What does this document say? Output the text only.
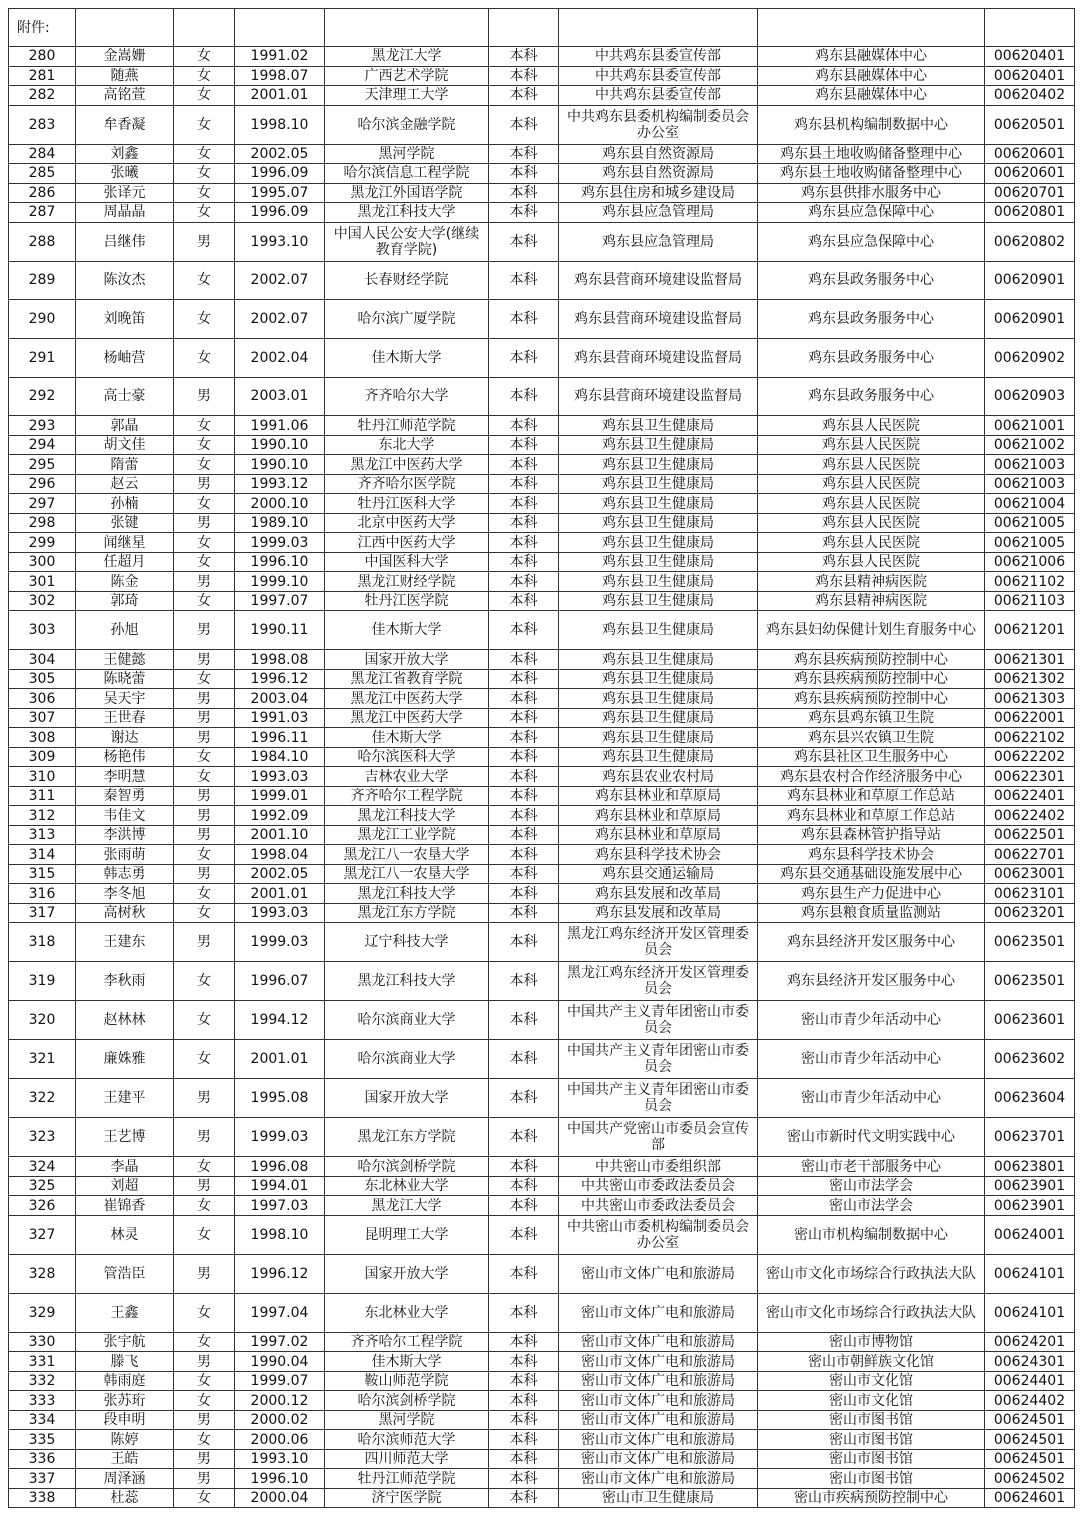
附件:								
280	金嵩姗	女	1991.02	黑龙江大学	本科	中共鸡东县委宣传部	鸡东县融媒体中心	00620401
281	随燕	女	1998.07	广西艺术学院	本科	中共鸡东县委宣传部	鸡东县融媒体中心	00620401
282	高铭萱	女	2001.01	天津理工大学	本科	中共鸡东县委宣传部	鸡东县融媒体中心	00620402
283	牟香凝	女	1998.10	哈尔滨金融学院	本科	中共鸡东县委机构编制委员会办公室	鸡东县机构编制数据中心	00620501
284	刘鑫	女	2002.05	黑河学院	本科	鸡东县自然资源局	鸡东县土地收购储备整理中心	00620601
285	张曦	女	1996.09	哈尔滨信息工程学院	本科	鸡东县自然资源局	鸡东县土地收购储备整理中心	00620601
286	张译元	女	1995.07	黑龙江外国语学院	本科	鸡东县住房和城乡建设局	鸡东县供排水服务中心	00620701
287	周晶晶	女	1996.09	黑龙江科技大学	本科	鸡东县应急管理局	鸡东县应急保障中心	00620801
288	吕继伟	男	1993.10	中国人民公安大学(继续教育学院)	本科	鸡东县应急管理局	鸡东县应急保障中心	00620802
289	陈汝杰	女	2002.07	长春财经学院	本科	鸡东县营商环境建设监督局	鸡东县政务服务中心	00620901
290	刘晚笛	女	2002.07	哈尔滨广厦学院	本科	鸡东县营商环境建设监督局	鸡东县政务服务中心	00620901
291	杨岫营	女	2002.04	佳木斯大学	本科	鸡东县营商环境建设监督局	鸡东县政务服务中心	00620902
292	高士豪	男	2003.01	齐齐哈尔大学	本科	鸡东县营商环境建设监督局	鸡东县政务服务中心	00620903
293	郭晶	女	1991.06	牡丹江师范学院	本科	鸡东县卫生健康局	鸡东县人民医院	00621001
294	胡文佳	女	1990.10	东北大学	本科	鸡东县卫生健康局	鸡东县人民医院	00621002
295	隋蕾	女	1990.10	黑龙江中医药大学	本科	鸡东县卫生健康局	鸡东县人民医院	00621003
296	赵云	男	1993.12	齐齐哈尔医学院	本科	鸡东县卫生健康局	鸡东县人民医院	00621003
297	孙楠	女	2000.10	牡丹江医科大学	本科	鸡东县卫生健康局	鸡东县人民医院	00621004
298	张键	男	1989.10	北京中医药大学	本科	鸡东县卫生健康局	鸡东县人民医院	00621005
299	闻继星	女	1999.03	江西中医药大学	本科	鸡东县卫生健康局	鸡东县人民医院	00621005
300	任超月	女	1996.10	中国医科大学	本科	鸡东县卫生健康局	鸡东县人民医院	00621006
301	陈金	男	1999.10	黑龙江财经学院	本科	鸡东县卫生健康局	鸡东县精神病医院	00621102
302	郭琦	女	1997.07	牡丹江医学院	本科	鸡东县卫生健康局	鸡东县精神病医院	00621103
303	孙旭	男	1990.11	佳木斯大学	本科	鸡东县卫生健康局	鸡东县妇幼保健计划生育服务中心	00621201
304	王健懿	男	1998.08	国家开放大学	本科	鸡东县卫生健康局	鸡东县疾病预防控制中心	00621301
305	陈晓蕾	女	1996.12	黑龙江省教育学院	本科	鸡东县卫生健康局	鸡东县疾病预防控制中心	00621302
306	吴天宇	男	2003.04	黑龙江中医药大学	本科	鸡东县卫生健康局	鸡东县疾病预防控制中心	00621303
307	王世春	男	1991.03	黑龙江中医药大学	本科	鸡东县卫生健康局	鸡东县鸡东镇卫生院	00622001
308	谢达	男	1996.11	佳木斯大学	本科	鸡东县卫生健康局	鸡东县兴农镇卫生院	00622102
309	杨艳伟	女	1984.10	哈尔滨医科大学	本科	鸡东县卫生健康局	鸡东县社区卫生服务中心	00622202
310	李明慧	女	1993.03	吉林农业大学	本科	鸡东县农业农村局	鸡东县农村合作经济服务中心	00622301
311	秦智勇	男	1999.01	齐齐哈尔工程学院	本科	鸡东县林业和草原局	鸡东县林业和草原工作总站	00622401
312	韦佳文	男	1992.09	黑龙江科技大学	本科	鸡东县林业和草原局	鸡东县林业和草原工作总站	00622402
313	李洪博	男	2001.10	黑龙江工业学院	本科	鸡东县林业和草原局	鸡东县森林管护指导站	00622501
314	张雨萌	女	1998.04	黑龙江八一农垦大学	本科	鸡东县科学技术协会	鸡东县科学技术协会	00622701
315	韩志勇	男	2002.05	黑龙江八一农垦大学	本科	鸡东县交通运输局	鸡东县交通基础设施发展中心	00623001
316	李冬旭	女	2001.01	黑龙江科技大学	本科	鸡东县发展和改革局	鸡东县生产力促进中心	00623101
317	高树秋	女	1993.03	黑龙江东方学院	本科	鸡东县发展和改革局	鸡东县粮食质量监测站	00623201
318	王建东	男	1999.03	辽宁科技大学	本科	黑龙江鸡东经济开发区管理委员会	鸡东县经济开发区服务中心	00623501
319	李秋雨	女	1996.07	黑龙江科技大学	本科	黑龙江鸡东经济开发区管理委员会	鸡东县经济开发区服务中心	00623501
320	赵林林	女	1994.12	哈尔滨商业大学	本科	中国共产主义青年团密山市委员会	密山市青少年活动中心	00623601
321	廉姝雅	女	2001.01	哈尔滨商业大学	本科	中国共产主义青年团密山市委员会	密山市青少年活动中心	00623602
322	王建平	男	1995.08	国家开放大学	本科	中国共产主义青年团密山市委员会	密山市青少年活动中心	00623604
323	王艺博	男	1999.03	黑龙江东方学院	本科	中国共产党密山市委员会宣传部	密山市新时代文明实践中心	00623701
324	李晶	女	1996.08	哈尔滨剑桥学院	本科	中共密山市委组织部	密山市老干部服务中心	00623801
325	刘超	男	1994.01	东北林业大学	本科	中共密山市委政法委员会	密山市法学会	00623901
326	崔锦香	女	1997.03	黑龙江大学	本科	中共密山市委政法委员会	密山市法学会	00623901
327	林灵	女	1998.10	昆明理工大学	本科	中共密山市委机构编制委员会办公室	密山市机构编制数据中心	00624001
328	管浩臣	男	1996.12	国家开放大学	本科	密山市文体广电和旅游局	密山市文化市场综合行政执法大队	00624101
329	王鑫	女	1997.04	东北林业大学	本科	密山市文体广电和旅游局	密山市文化市场综合行政执法大队	00624101
330	张宇航	女	1997.02	齐齐哈尔工程学院	本科	密山市文体广电和旅游局	密山市博物馆	00624201
331	滕飞	男	1990.04	佳木斯大学	本科	密山市文体广电和旅游局	密山市朝鲜族文化馆	00624301
332	韩雨庭	女	1999.07	鞍山师范学院	本科	密山市文体广电和旅游局	密山市文化馆	00624401
333	张苏珩	女	2000.12	哈尔滨剑桥学院	本科	密山市文体广电和旅游局	密山市文化馆	00624402
334	段申明	男	2000.02	黑河学院	本科	密山市文体广电和旅游局	密山市图书馆	00624501
335	陈婷	女	2000.06	哈尔滨师范大学	本科	密山市文体广电和旅游局	密山市图书馆	00624501
336	王皓	男	1993.10	四川师范大学	本科	密山市文体广电和旅游局	密山市图书馆	00624501
337	周泽涵	男	1996.10	牡丹江师范学院	本科	密山市文体广电和旅游局	密山市图书馆	00624502
338	杜蕊	女	2000.04	济宁医学院	本科	密山市卫生健康局	密山市疾病预防控制中心	00624601
